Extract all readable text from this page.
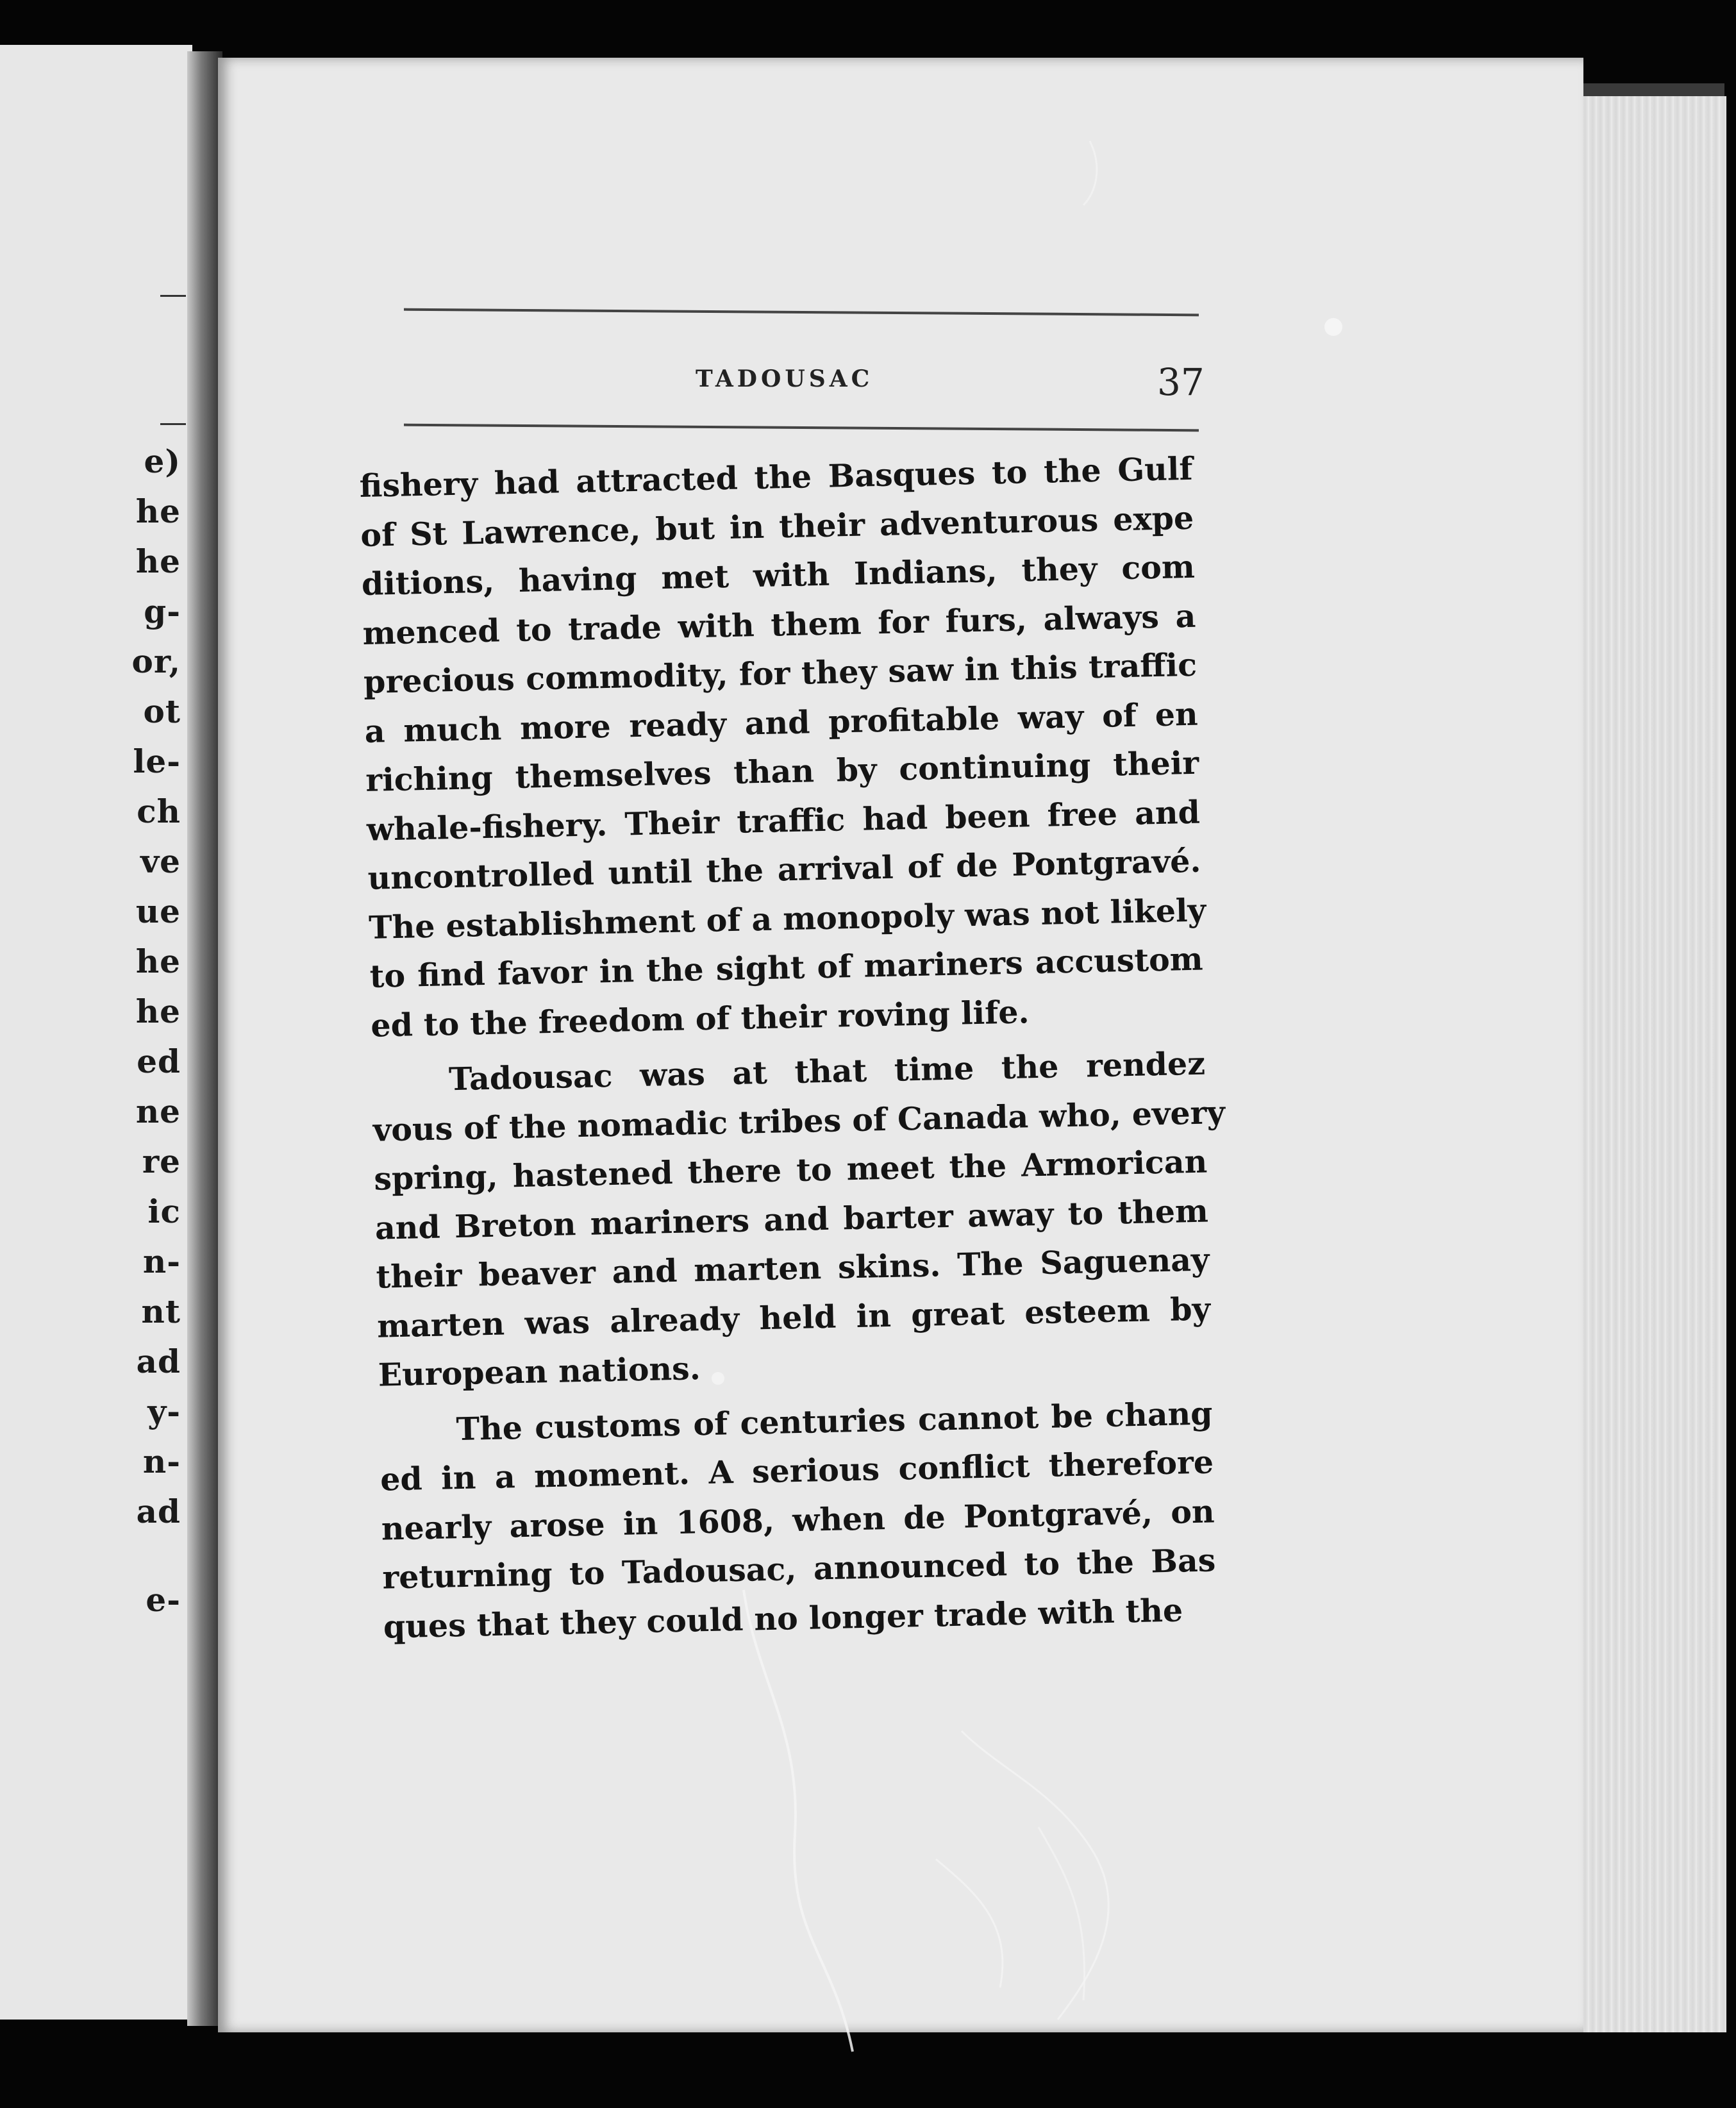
e)
he
he
g-
or,
ot
le-
ch
ve
ue
he
he
ed
ne
re
ic
n-
nt
ad
y-
n-
ad
e-
TADOUSAC	37
fishery had attracted the Basques to the Gulf
of St Lawrence, but in their adventurous expe
ditions, having met with Indians, they com
menced to trade with them for furs, always a
precious commodity, for they saw in this traffic
a much more ready and profitable way of en
riching themselves than by continuing their
whale-fishery. Their traffic had been free and
uncontrolled until the arrival of de Pontgravé.
The establishment of a monopoly was not likely
to find favor in the sight of mariners accustom
ed to the freedom of their roving life.
Tadousac was at that time the rendez
vous of the nomadic tribes of Canada who, every
spring, hastened there to meet the Armorican
and Breton mariners and barter away to them
their beaver and marten skins. The Saguenay
marten was already held in great esteem by
European nations.
The customs of centuries cannot be chang
ed in a moment. A serious conflict therefore
nearly arose in 1608, when de Pontgravé, on
returning to Tadousac, announced to the Bas
ques that they could no longer trade with the
